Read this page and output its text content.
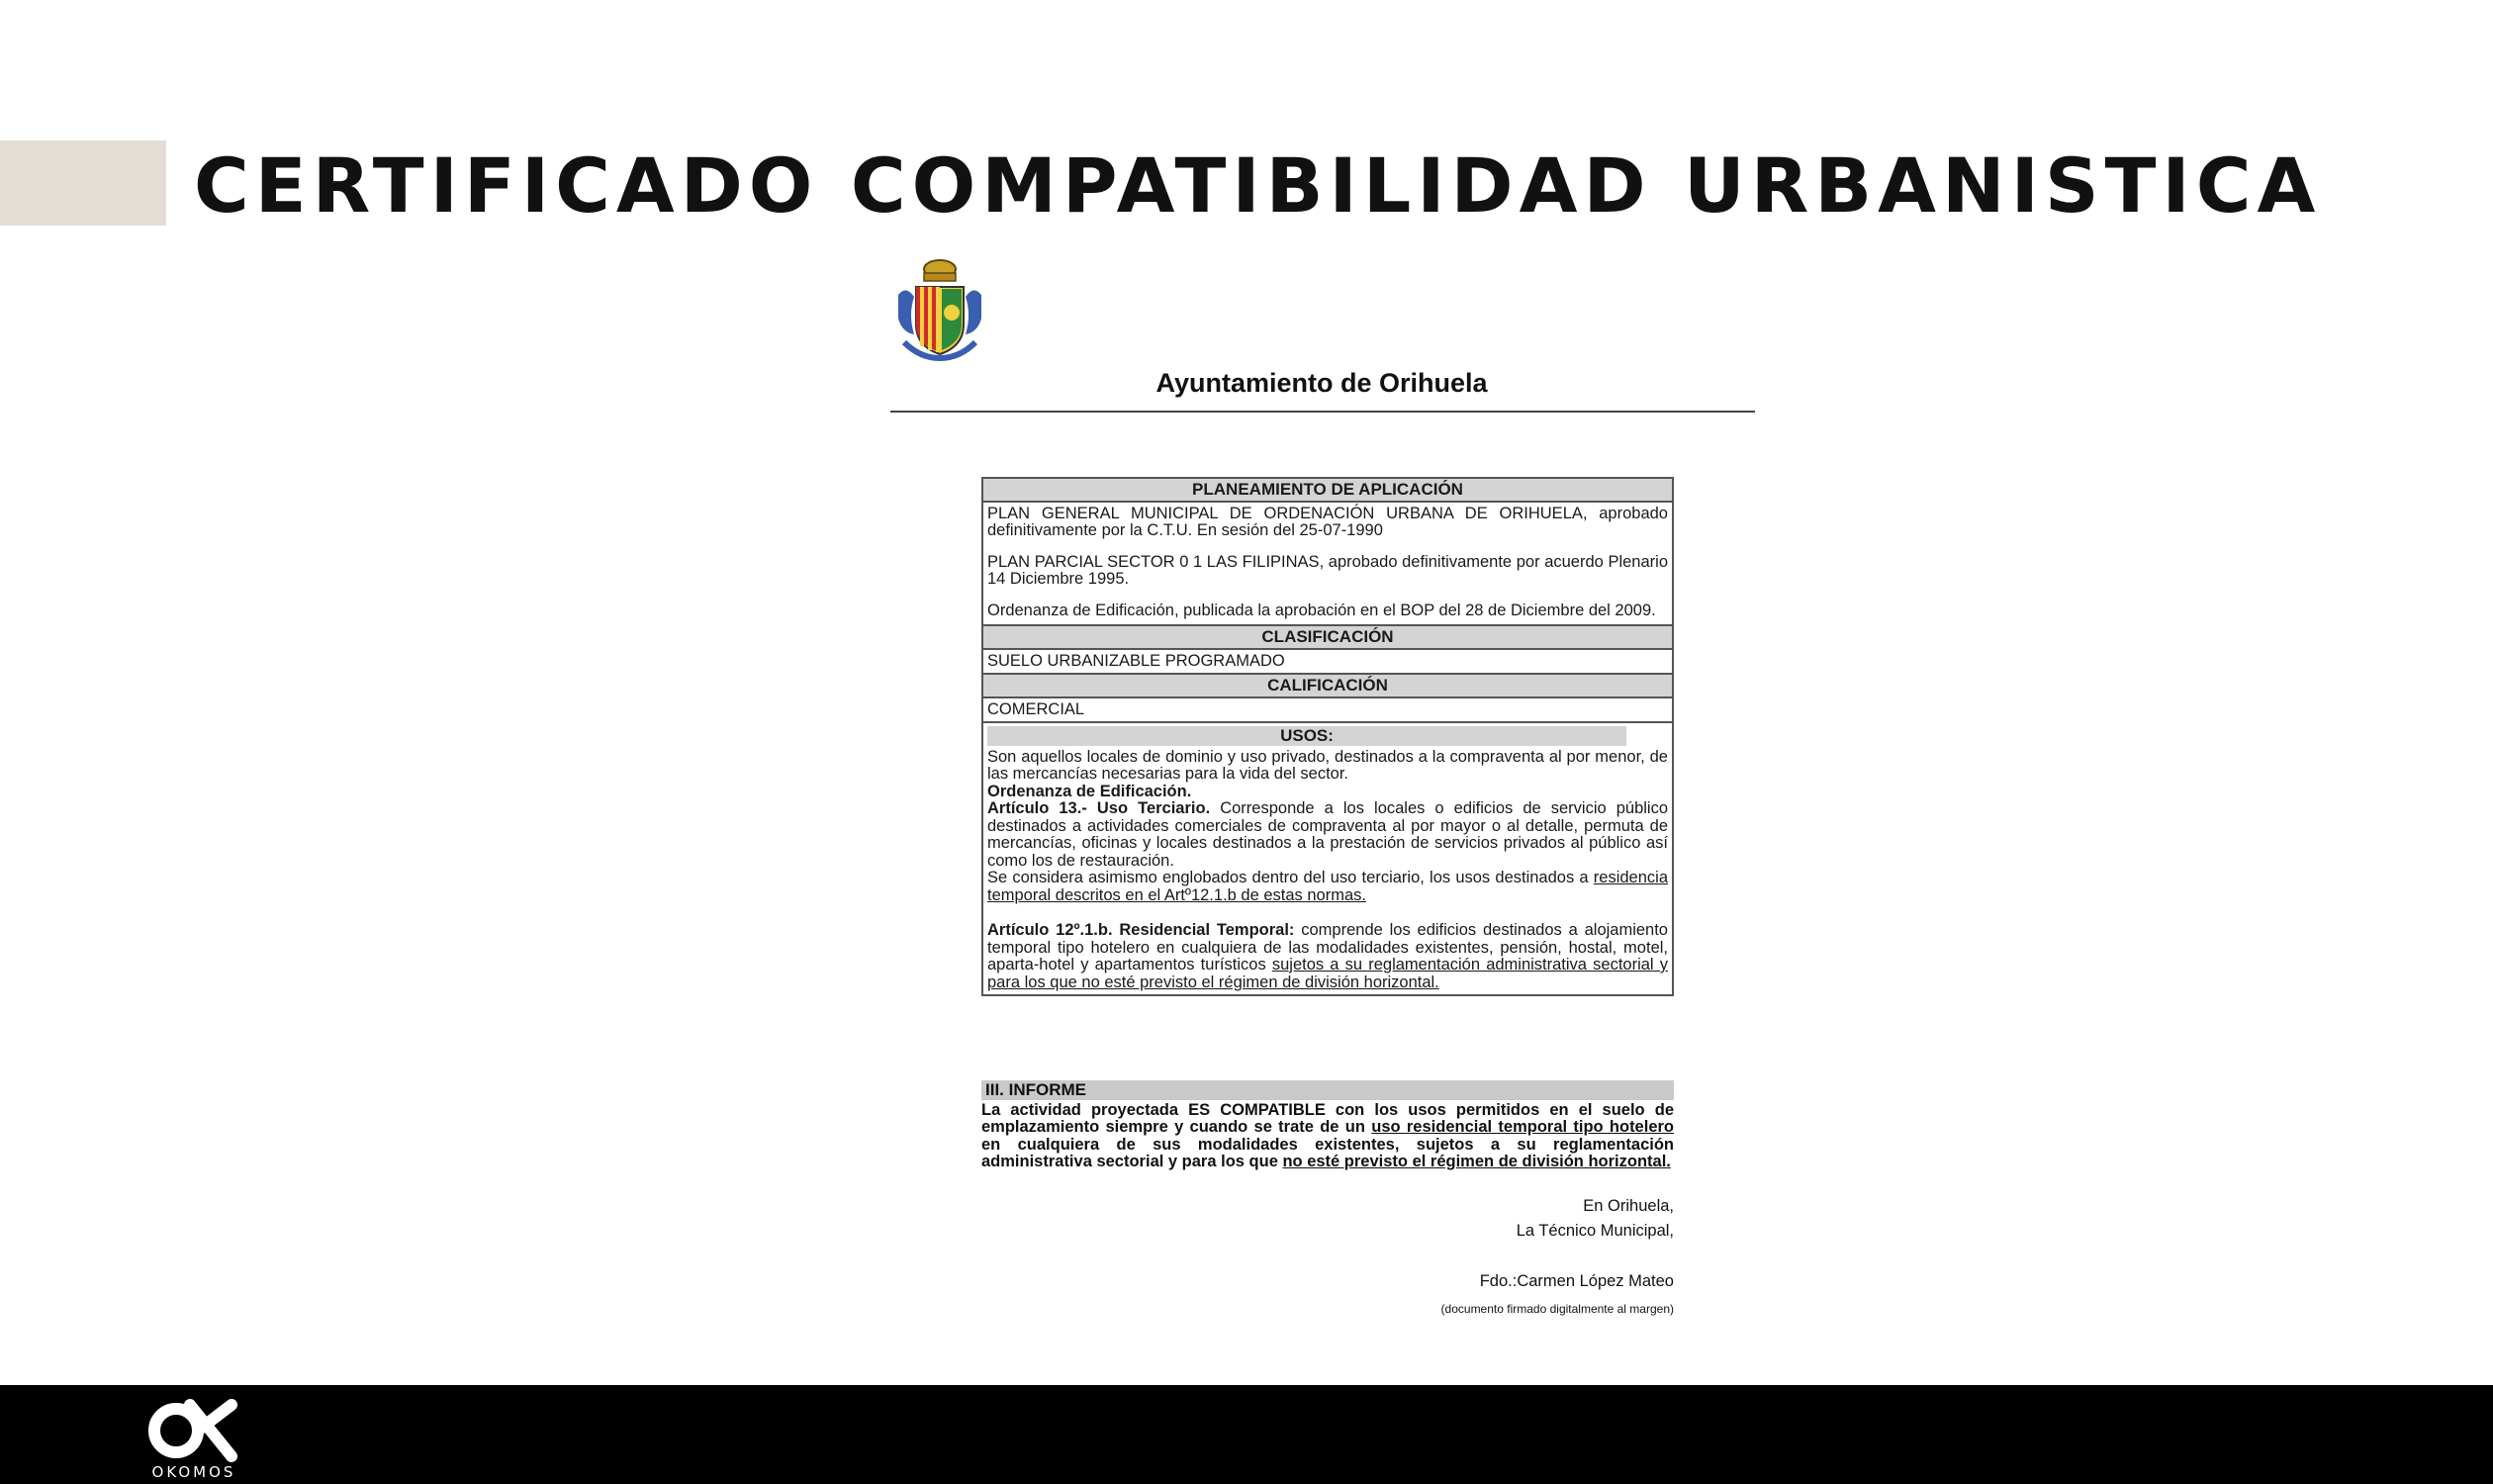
CERTIFICADO COMPATIBILIDAD URBANISTICA
Ayuntamiento de Orihuela
PLANEAMIENTO DE APLICACIÓN

PLAN GENERAL MUNICIPAL DE ORDENACIÓN URBANA DE ORIHUELA, aprobado definitivamente por la C.T.U. En sesión del 25-07-1990

PLAN PARCIAL SECTOR 0 1 LAS FILIPINAS, aprobado definitivamente por acuerdo Plenario 14 Diciembre 1995.

Ordenanza de Edificación, publicada la aprobación en el BOP del 28 de Diciembre del 2009.

CLASIFICACIÓN
SUELO URBANIZABLE PROGRAMADO
CALIFICACIÓN
COMERCIAL
USOS:
Son aquellos locales de dominio y uso privado, destinados a la compraventa al por menor, de las mercancías necesarias para la vida del sector.
Ordenanza de Edificación.
Artículo 13.- Uso Terciario. Corresponde a los locales o edificios de servicio público destinados a actividades comerciales de compraventa al por mayor o al detalle, permuta de mercancías, oficinas y locales destinados a la prestación de servicios privados al público así como los de restauración.
Se considera asimismo englobados dentro del uso terciario, los usos destinados a residencia temporal descritos en el Artº12.1.b de estas normas.
Artículo 12º.1.b. Residencial Temporal: comprende los edificios destinados a alojamiento temporal tipo hotelero en cualquiera de las modalidades existentes, pensión, hostal, motel, aparta-hotel y apartamentos turísticos sujetos a su reglamentación administrativa sectorial y para los que no esté previsto el régimen de división horizontal.
III. INFORME
La actividad proyectada ES COMPATIBLE con los usos permitidos en el suelo de emplazamiento siempre y cuando se trate de un uso residencial temporal tipo hotelero en cualquiera de sus modalidades existentes, sujetos a su reglamentación administrativa sectorial y para los que no esté previsto el régimen de división horizontal.
En Orihuela,
La Técnico Municipal,
Fdo.:Carmen López Mateo
(documento firmado digitalmente al margen)
OKOMOS
